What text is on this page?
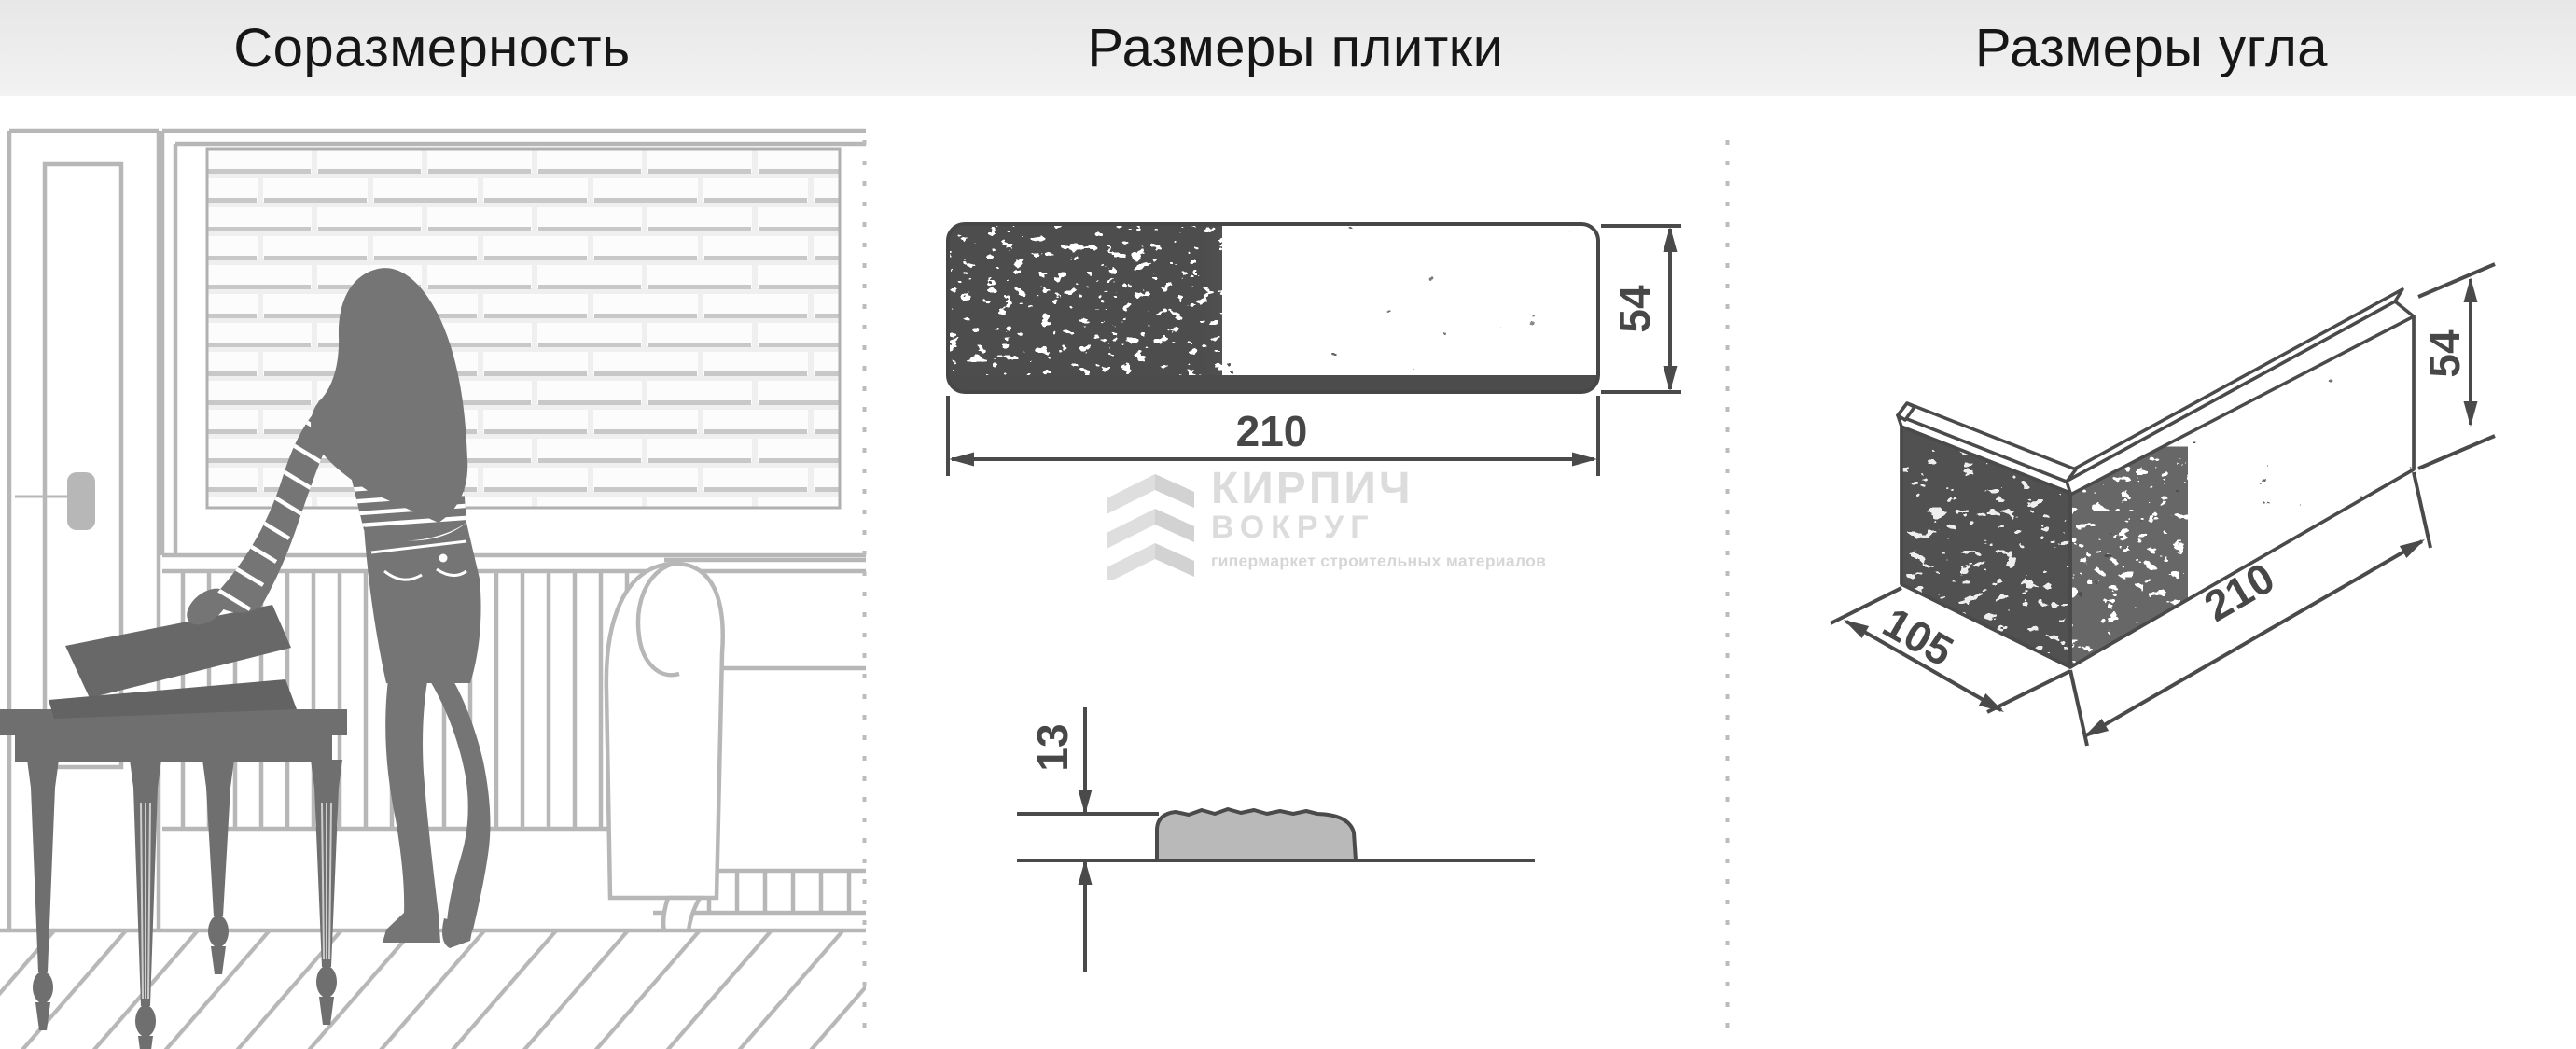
Соразмерность	Размеры плитки	Размеры угла
210
54
13
105
210
54
КИРПИЧ
ВОКРУГ
гипермаркет строительных материалов
